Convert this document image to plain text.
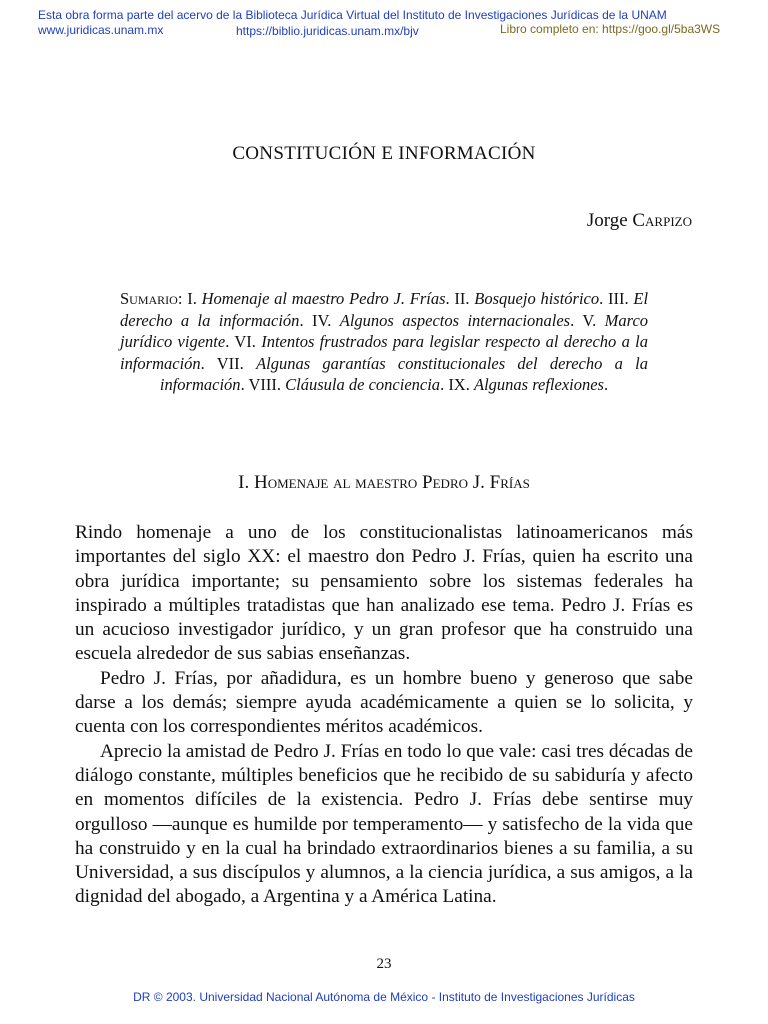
Esta obra forma parte del acervo de la Biblioteca Jurídica Virtual del Instituto de Investigaciones Jurídicas de la UNAM
www.juridicas.unam.mx	https://biblio.juridicas.unam.mx/bjv	Libro completo en: https://goo.gl/5ba3WS
CONSTITUCIÓN E INFORMACIÓN
Jorge Carpizo
Sumario: I. Homenaje al maestro Pedro J. Frías. II. Bosquejo histórico. III. El derecho a la información. IV. Algunos aspectos internacionales. V. Marco jurídico vigente. VI. Intentos frustrados para legislar respecto al derecho a la información. VII. Algunas garantías constitucionales del derecho a la información. VIII. Cláusula de conciencia. IX. Algunas reflexiones.
I. Homenaje al maestro Pedro J. Frías

Rindo homenaje a uno de los constitucionalistas latinoamericanos más importantes del siglo XX: el maestro don Pedro J. Frías, quien ha escrito una obra jurídica importante; su pensamiento sobre los sistemas federales ha inspirado a múltiples tratadistas que han analizado ese tema. Pedro J. Frías es un acucioso investigador jurídico, y un gran profesor que ha construido una escuela alrededor de sus sabias enseñanzas.

Pedro J. Frías, por añadidura, es un hombre bueno y generoso que sabe darse a los demás; siempre ayuda académicamente a quien se lo solicita, y cuenta con los correspondientes méritos académicos.

Aprecio la amistad de Pedro J. Frías en todo lo que vale: casi tres décadas de diálogo constante, múltiples beneficios que he recibido de su sabiduría y afecto en momentos difíciles de la existencia. Pedro J. Frías debe sentirse muy orgulloso —aunque es humilde por temperamento— y satisfecho de la vida que ha construido y en la cual ha brindado extraordinarios bienes a su familia, a su Universidad, a sus discípulos y alumnos, a la ciencia jurídica, a sus amigos, a la dignidad del abogado, a Argentina y a América Latina.

23
DR © 2003. Universidad Nacional Autónoma de México - Instituto de Investigaciones Jurídicas
